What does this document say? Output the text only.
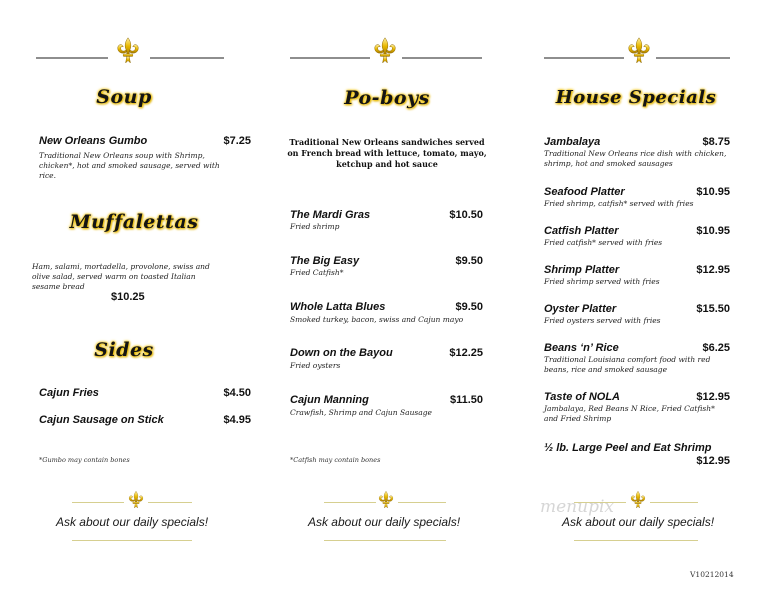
Soup
New Orleans Gumbo	$7.25
Traditional New Orleans soup with Shrimp, chicken*, hot and smoked sausage, served with rice.
Muffalettas
Ham, salami, mortadella, provolone, swiss and olive salad, served warm on toasted Italian sesame bread
$10.25
Sides
Cajun Fries	$4.50
Cajun Sausage on Stick	$4.95
*Gumbo may contain bones
Ask about our daily specials!
Po-boys
Traditional New Orleans sandwiches served on French bread with lettuce, tomato, mayo, ketchup and hot sauce
The Mardi Gras	$10.50
Fried shrimp
The Big Easy	$9.50
Fried Catfish*
Whole Latta Blues	$9.50
Smoked turkey, bacon, swiss and Cajun mayo
Down on the Bayou	$12.25
Fried oysters
Cajun Manning	$11.50
Crawfish, Shrimp and Cajun Sausage
*Catfish may contain bones
Ask about our daily specials!
House Specials
Jambalaya	$8.75
Traditional New Orleans rice dish with chicken, shrimp, hot and smoked sausages
Seafood Platter	$10.95
Fried shrimp, catfish* served with fries
Catfish Platter	$10.95
Fried catfish* served with fries
Shrimp Platter	$12.95
Fried shrimp served with fries
Oyster Platter	$15.50
Fried oysters served with fries
Beans ‘n’ Rice	$6.25
Traditional Louisiana comfort food with red beans, rice and smoked sausage
Taste of NOLA	$12.95
Jambalaya, Red Beans N Rice, Fried Catfish* and Fried Shrimp
½ lb. Large Peel and Eat Shrimp
$12.95
menupix
Ask about our daily specials!
V10212014
